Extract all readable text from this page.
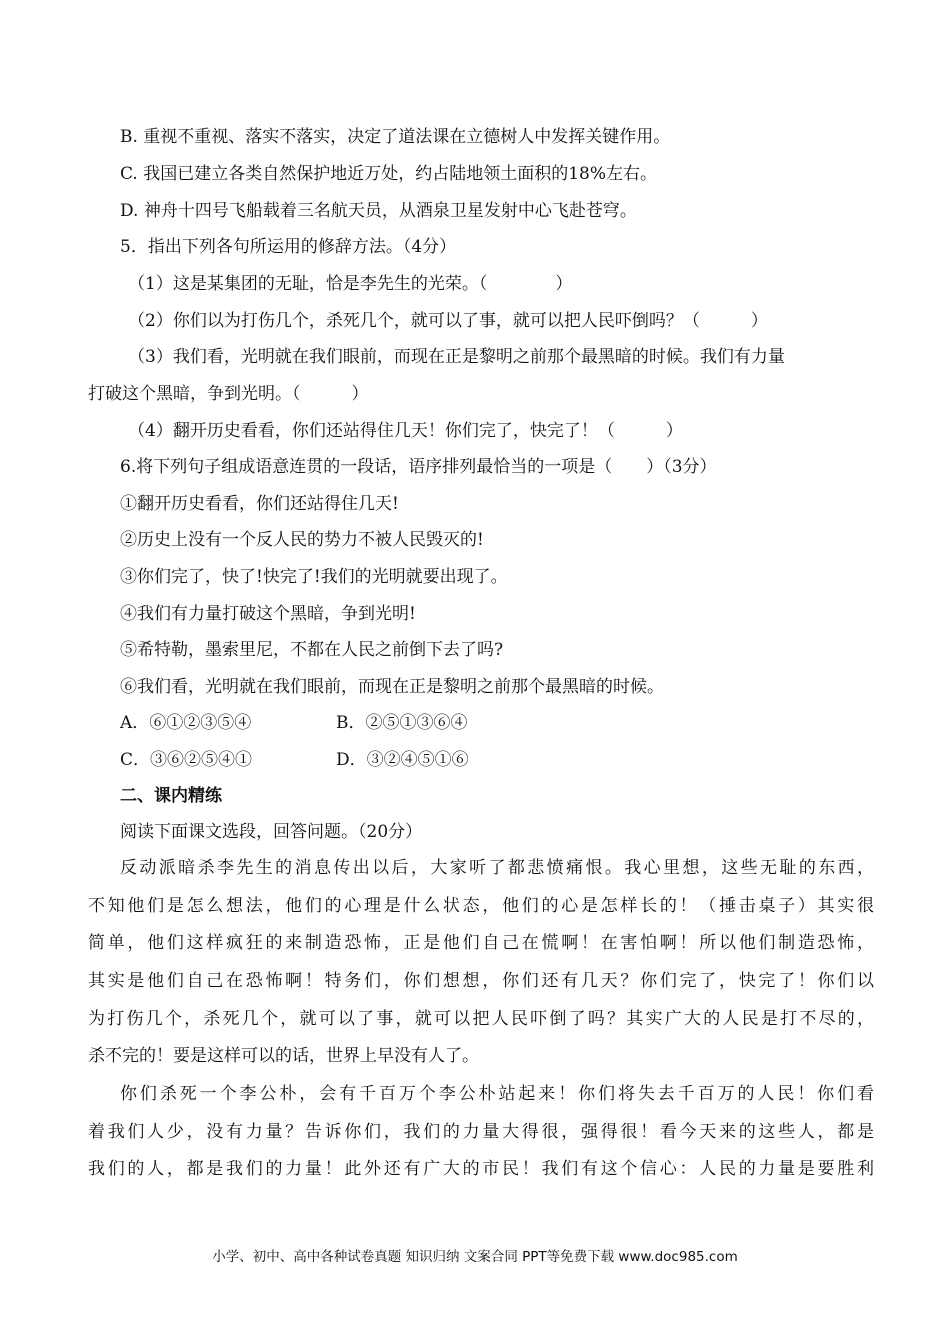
B. 重视不重视、落实不落实，决定了道法课在立德树人中发挥关键作用。
C. 我国已建立各类自然保护地近万处，约占陆地领土面积的18%左右。
D. 神舟十四号飞船载着三名航天员，从酒泉卫星发射中心飞赴苍穹。
5．指出下列各句所运用的修辞方法。（4分）
（1）这是某集团的无耻，恰是李先生的光荣。（　　　　）
（2）你们以为打伤几个，杀死几个，就可以了事，就可以把人民吓倒吗？（　　　）
（3）我们看，光明就在我们眼前，而现在正是黎明之前那个最黑暗的时候。我们有力量
打破这个黑暗，争到光明。（　　　）
（4）翻开历史看看，你们还站得住几天！你们完了，快完了！（　　　）
6.将下列句子组成语意连贯的一段话，语序排列最恰当的一项是（　　）（3分）
①翻开历史看看，你们还站得住几天!
②历史上没有一个反人民的势力不被人民毁灭的!
③你们完了，快了!快完了!我们的光明就要出现了。
④我们有力量打破这个黑暗，争到光明!
⑤希特勒，墨索里尼，不都在人民之前倒下去了吗?
⑥我们看，光明就在我们眼前，而现在正是黎明之前那个最黑暗的时候。
A．⑥①②③⑤④	B．②⑤①③⑥④
C．③⑥②⑤④①	D．③②④⑤①⑥
二、课内精练
阅读下面课文选段，回答问题。（20分）
反动派暗杀李先生的消息传出以后，大家听了都悲愤痛恨。我心里想，这些无耻的东西，
不知他们是怎么想法，他们的心理是什么状态，他们的心是怎样长的！（捶击桌子）其实很
简单，他们这样疯狂的来制造恐怖，正是他们自己在慌啊！在害怕啊！所以他们制造恐怖，
其实是他们自己在恐怖啊！特务们，你们想想，你们还有几天？你们完了，快完了！你们以
为打伤几个，杀死几个，就可以了事，就可以把人民吓倒了吗？其实广大的人民是打不尽的，
杀不完的！要是这样可以的话，世界上早没有人了。
你们杀死一个李公朴，会有千百万个李公朴站起来！你们将失去千百万的人民！你们看
着我们人少，没有力量？告诉你们，我们的力量大得很，强得很！看今天来的这些人，都是
我们的人，都是我们的力量！此外还有广大的市民！我们有这个信心：人民的力量是要胜利
小学、初中、高中各种试卷真题 知识归纳 文案合同 PPT等免费下载 www.doc985.com
